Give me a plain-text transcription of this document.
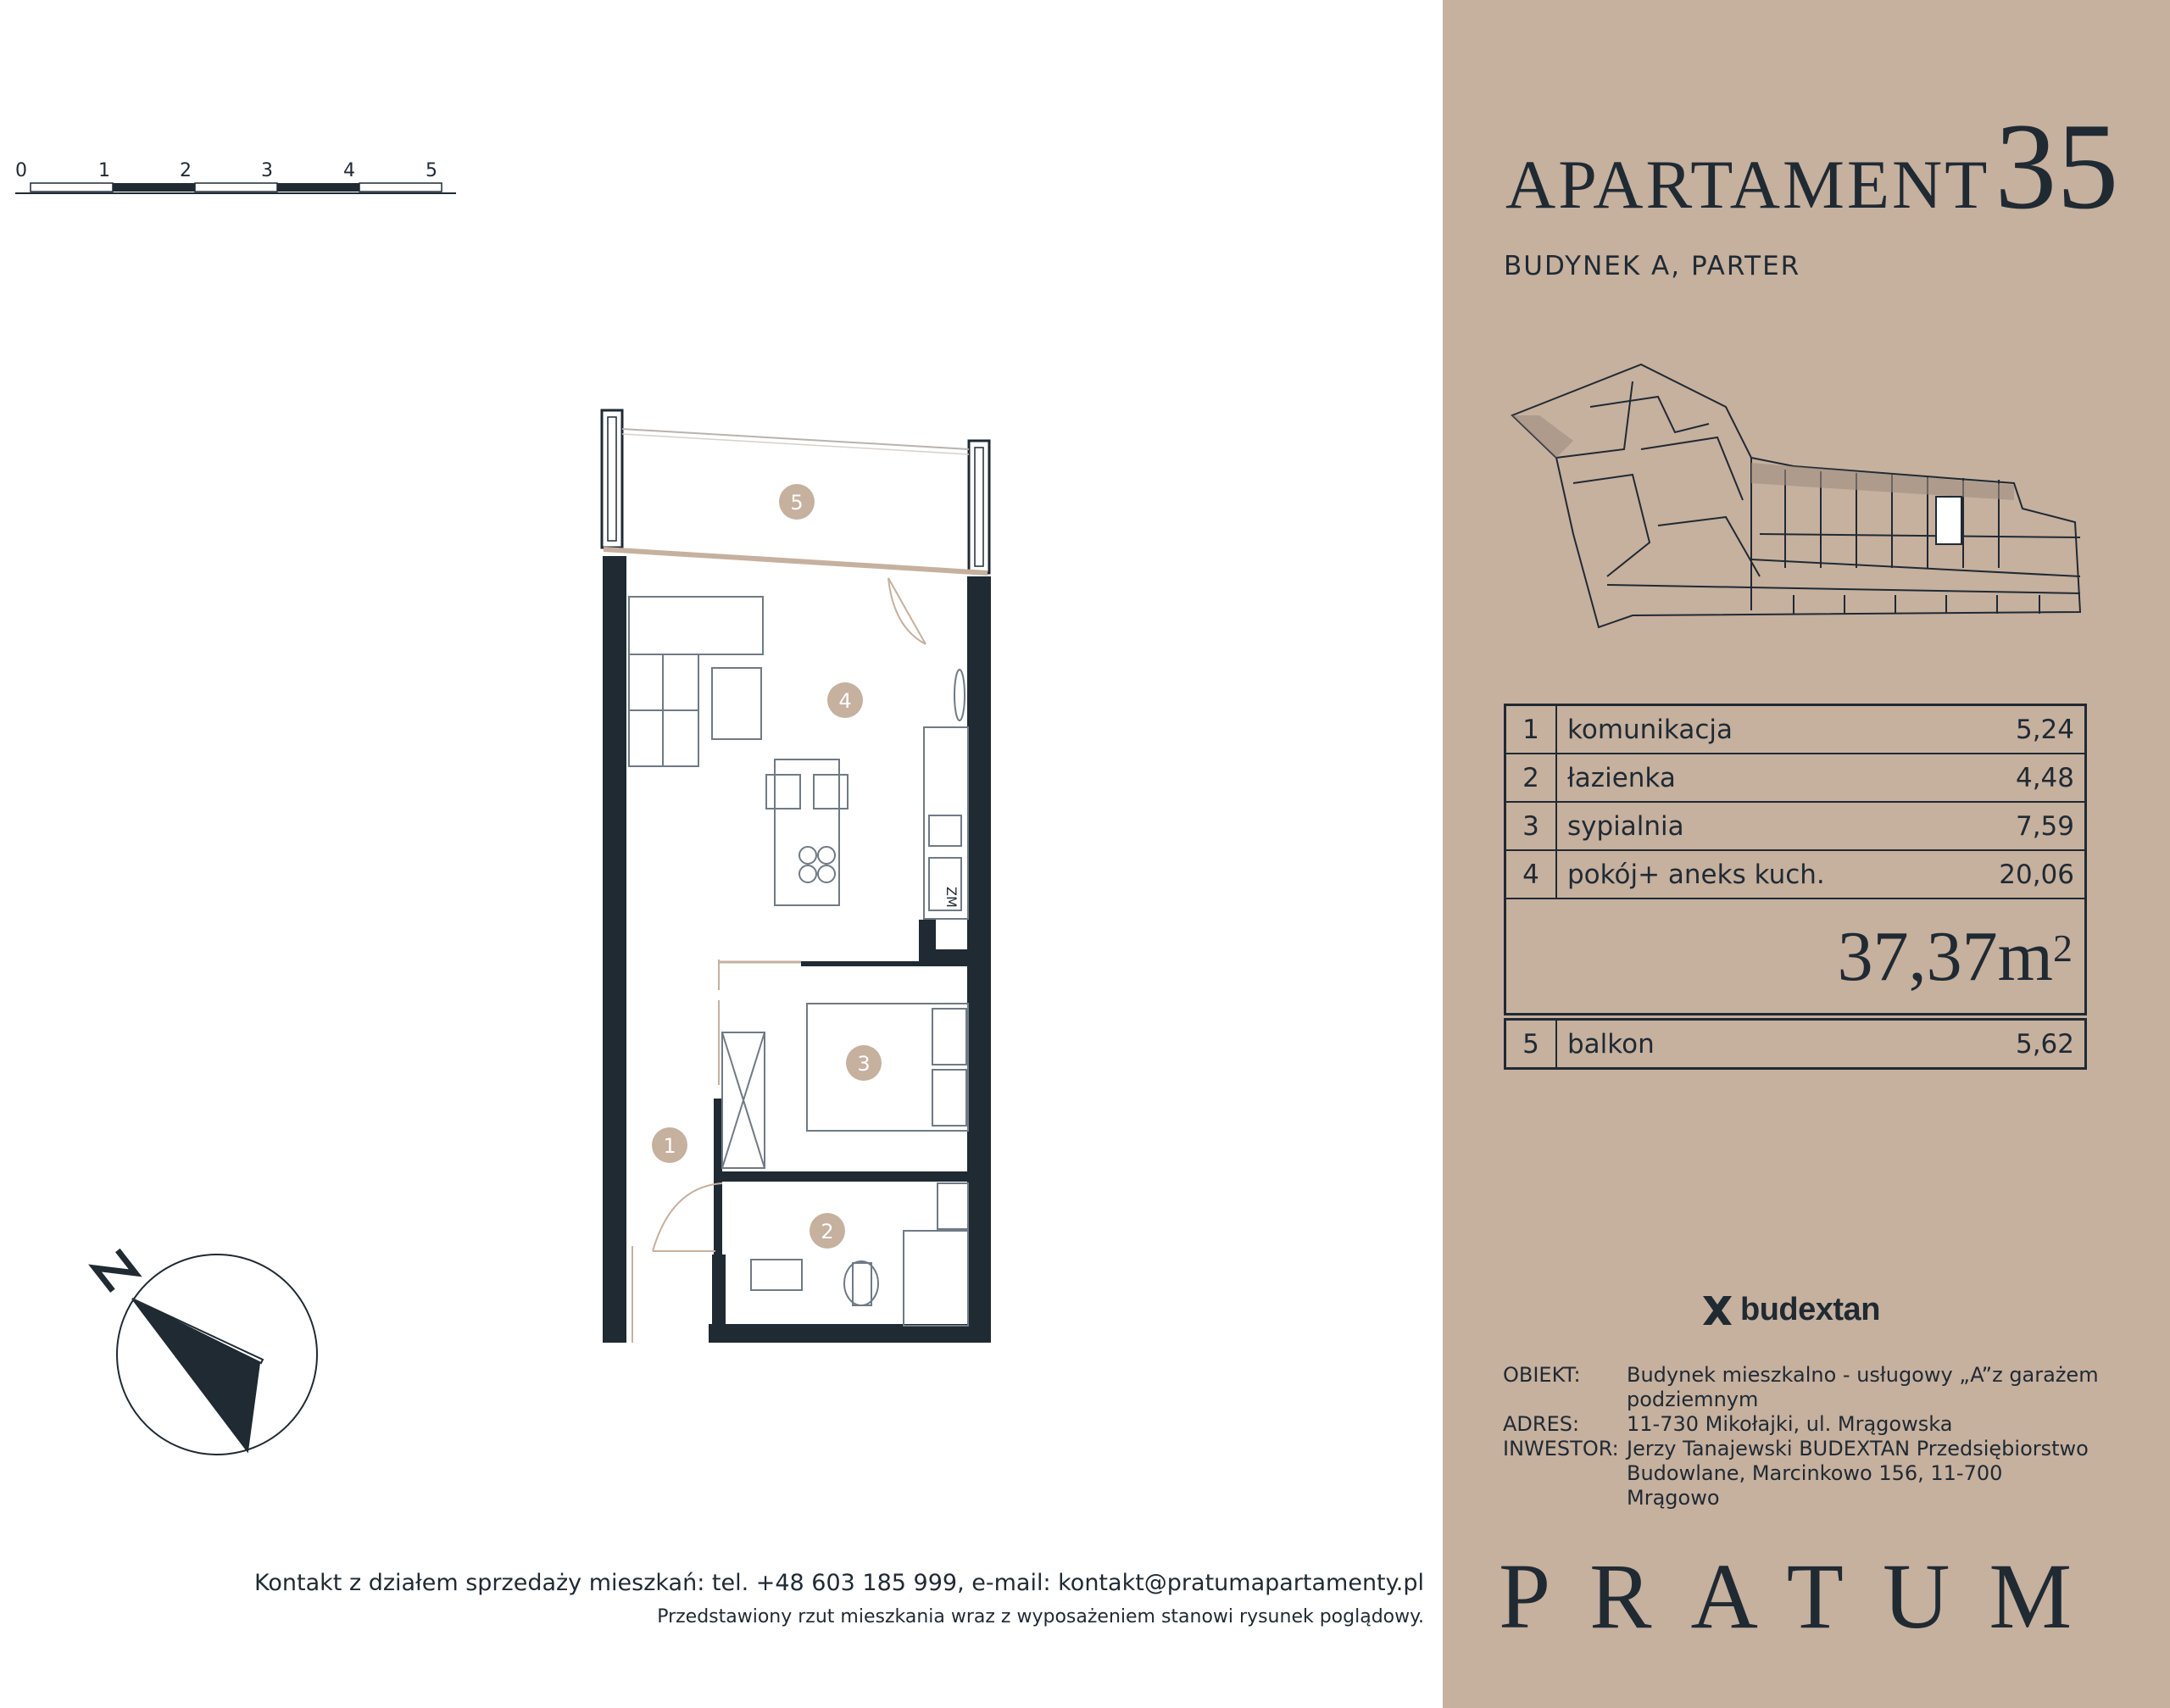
0	1	2	3	4	5
ZM
1
2
3
4
5
APARTAMENT35
BUDYNEK A, PARTER
1	komunikacja	5,24
2	łazienka	4,48
3	sypialnia	7,59
4	pokój+ aneks kuch.	20,06
$37,37m^2$
5	balkon	5,62
budextan
OBIEKT:	Budynek mieszkalno - usługowy „A”z garażem podziemnym
ADRES:	11-730 Mikołajki, ul. Mrągowska
INWESTOR: Jerzy Tanajewski BUDEXTAN Przedsiębiorstwo Budowlane, Marcinkowo 156, 11-700 Mrągowo
PRATUM
Kontakt z działem sprzedaży mieszkań: tel. +48 603 185 999, e-mail: kontakt@pratumapartamenty.pl
Przedstawiony rzut mieszkania wraz z wyposażeniem stanowi rysunek poglądowy.
